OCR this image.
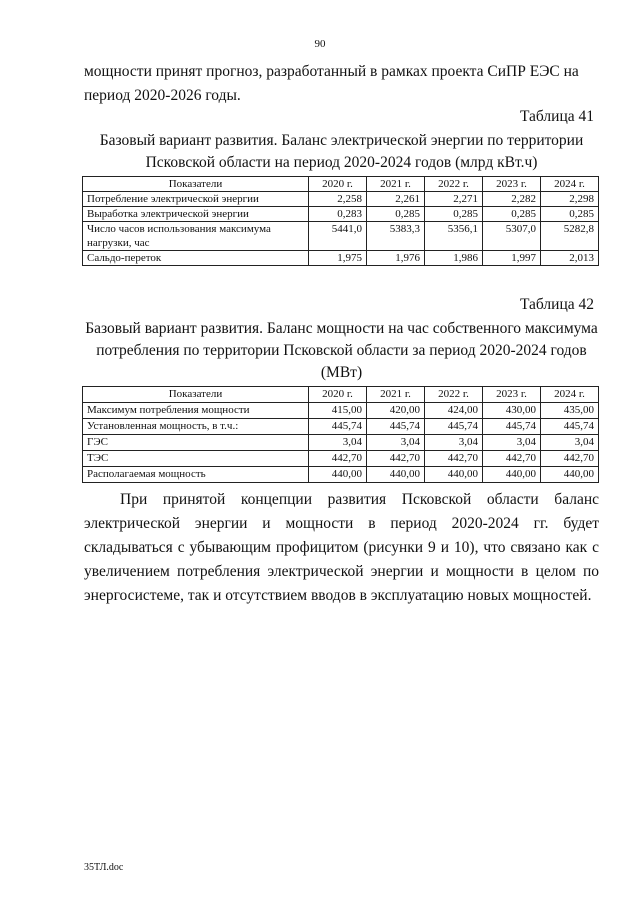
90
мощности принят прогноз, разработанный в рамках проекта СиПР ЕЭС на период 2020-2026 годы.
Таблица 41
Базовый вариант развития. Баланс электрической энергии по территории Псковской области на период 2020-2024 годов (млрд кВт.ч)
Показатели	2020 г.	2021 г.	2022 г.	2023 г.	2024 г.
Потребление электрической энергии	2,258	2,261	2,271	2,282	2,298
Выработка электрической энергии	0,283	0,285	0,285	0,285	0,285
Число часов использования максимума нагрузки, час	5441,0	5383,3	5356,1	5307,0	5282,8
Сальдо-переток	1,975	1,976	1,986	1,997	2,013
Таблица 42
Базовый вариант развития. Баланс мощности на час собственного максимума потребления по территории Псковской области за период 2020-2024 годов (МВт)
Показатели	2020 г.	2021 г.	2022 г.	2023 г.	2024 г.
Максимум потребления мощности	415,00	420,00	424,00	430,00	435,00
Установленная мощность, в т.ч.:	445,74	445,74	445,74	445,74	445,74
ГЭС	3,04	3,04	3,04	3,04	3,04
ТЭС	442,70	442,70	442,70	442,70	442,70
Располагаемая мощность	440,00	440,00	440,00	440,00	440,00
При принятой концепции развития Псковской области баланс электрической энергии и мощности в период 2020-2024 гг. будет складываться с убывающим профицитом (рисунки 9 и 10), что связано как с увеличением потребления электрической энергии и мощности в целом по энергосистеме, так и отсутствием вводов в эксплуатацию новых мощностей.
35ТЛ.doc
